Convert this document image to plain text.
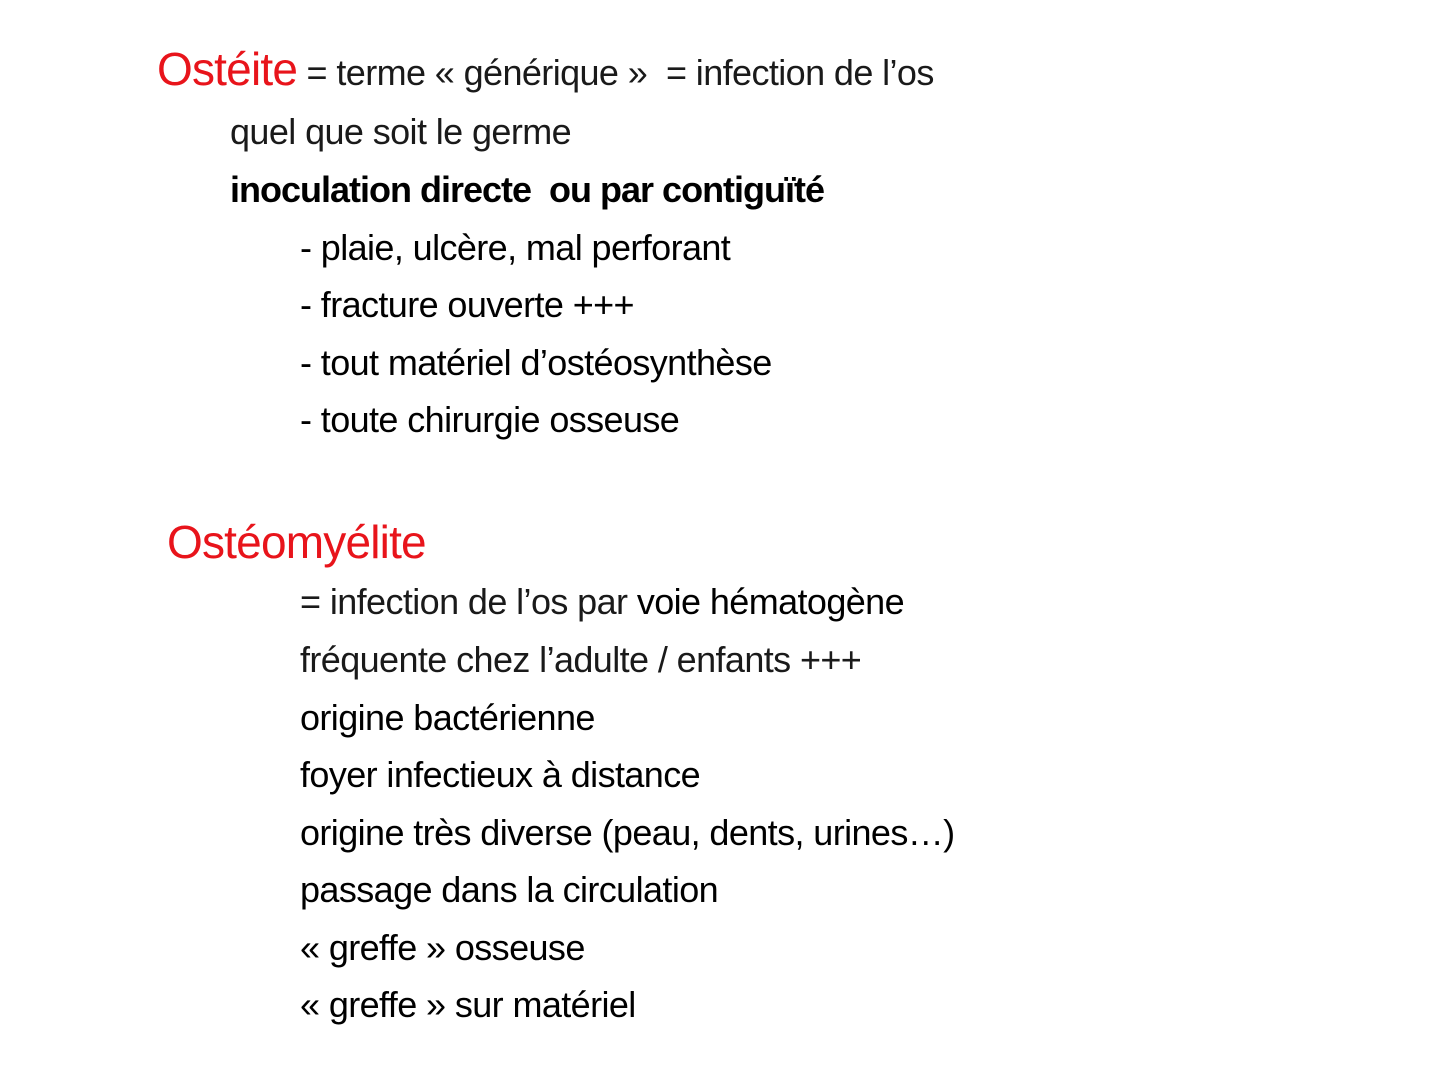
Ostéite = terme « générique »  = infection de l’os
quel que soit le germe
inoculation directe  ou par contiguïté
- plaie, ulcère, mal perforant
- fracture ouverte +++
- tout matériel d’ostéosynthèse
- toute chirurgie osseuse
Ostéomyélite
= infection de l’os par voie hématogène
fréquente chez l’adulte / enfants +++
origine bactérienne
foyer infectieux à distance
origine très diverse (peau, dents, urines…)
passage dans la circulation
« greffe » osseuse
« greffe » sur matériel
